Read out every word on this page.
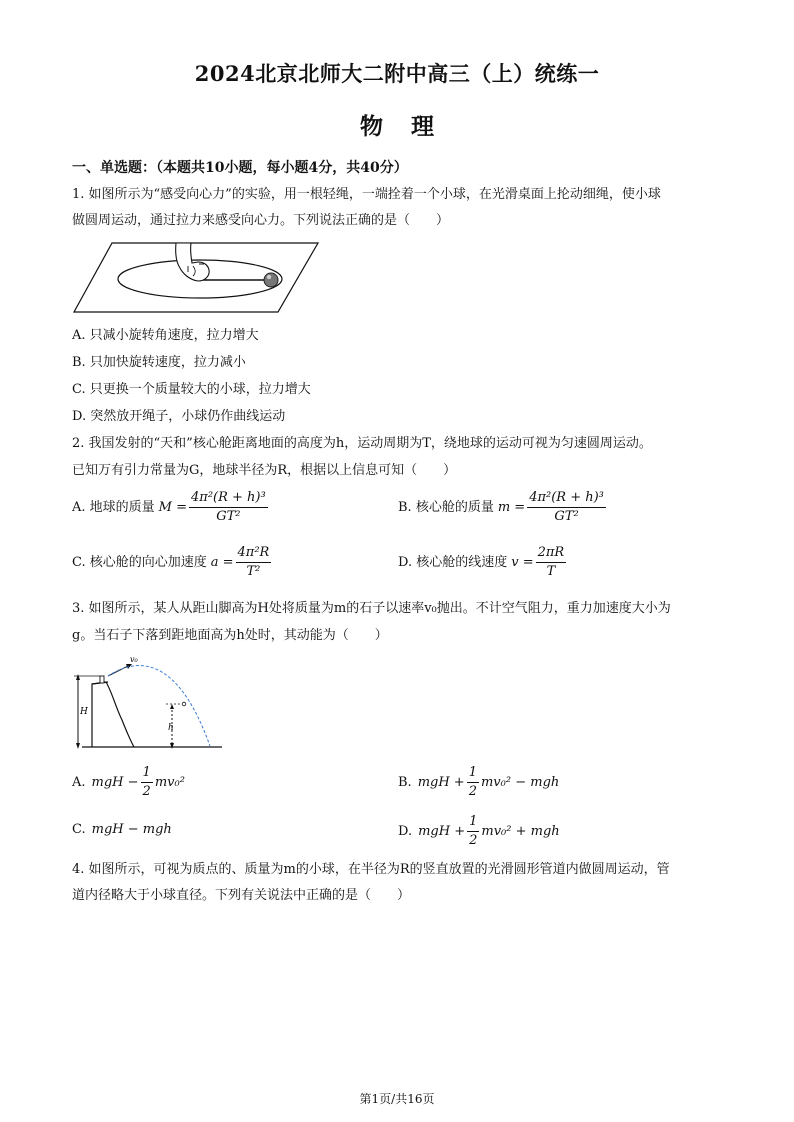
2024北京北师大二附中高三（上）统练一
物理
一、单选题：（本题共10小题，每小题4分，共40分）
1. 如图所示为“感受向心力”的实验，用一根轻绳，一端拴着一个小球，在光滑桌面上抡动细绳，使小球
做圆周运动，通过拉力来感受向心力。下列说法正确的是（　　）
A. 只减小旋转角速度，拉力增大
B. 只加快旋转速度，拉力减小
C. 只更换一个质量较大的小球，拉力增大
D. 突然放开绳子，小球仍作曲线运动
2. 我国发射的“天和”核心舱距离地面的高度为h，运动周期为T，绕地球的运动可视为匀速圆周运动。
已知万有引力常量为G，地球半径为R，根据以上信息可知（　　）
A. 地球的质量 $M = \frac{\text{4π²(R + h)³}}{\text{GT²}}$	B. 核心舱的质量 $m = \frac{\text{4π²(R + h)³}}{\text{GT²}}$
C. 核心舱的向心加速度 $a = \frac{\text{4π²R}}{\text{T²}}$	D. 核心舱的线速度 $v = \frac{2\pi R}{T}$
3. 如图所示，某人从距山脚高为H处将质量为m的石子以速率v₀抛出。不计空气阻力，重力加速度大小为
g。当石子下落到距地面高为h处时，其动能为（　　）
H
v₀
h
A. mgH − $\frac{1}{2} mv_0^2$	B. mgH + $\frac{1}{2} mv_0^2$ − mgh
C. mgH − mgh	D. mgH + $\frac{1}{2} mv_0^2$ + mgh
4. 如图所示，可视为质点的、质量为m的小球，在半径为R的竖直放置的光滑圆形管道内做圆周运动，管
道内径略大于小球直径。下列有关说法中正确的是（　　）
第1页/共16页
